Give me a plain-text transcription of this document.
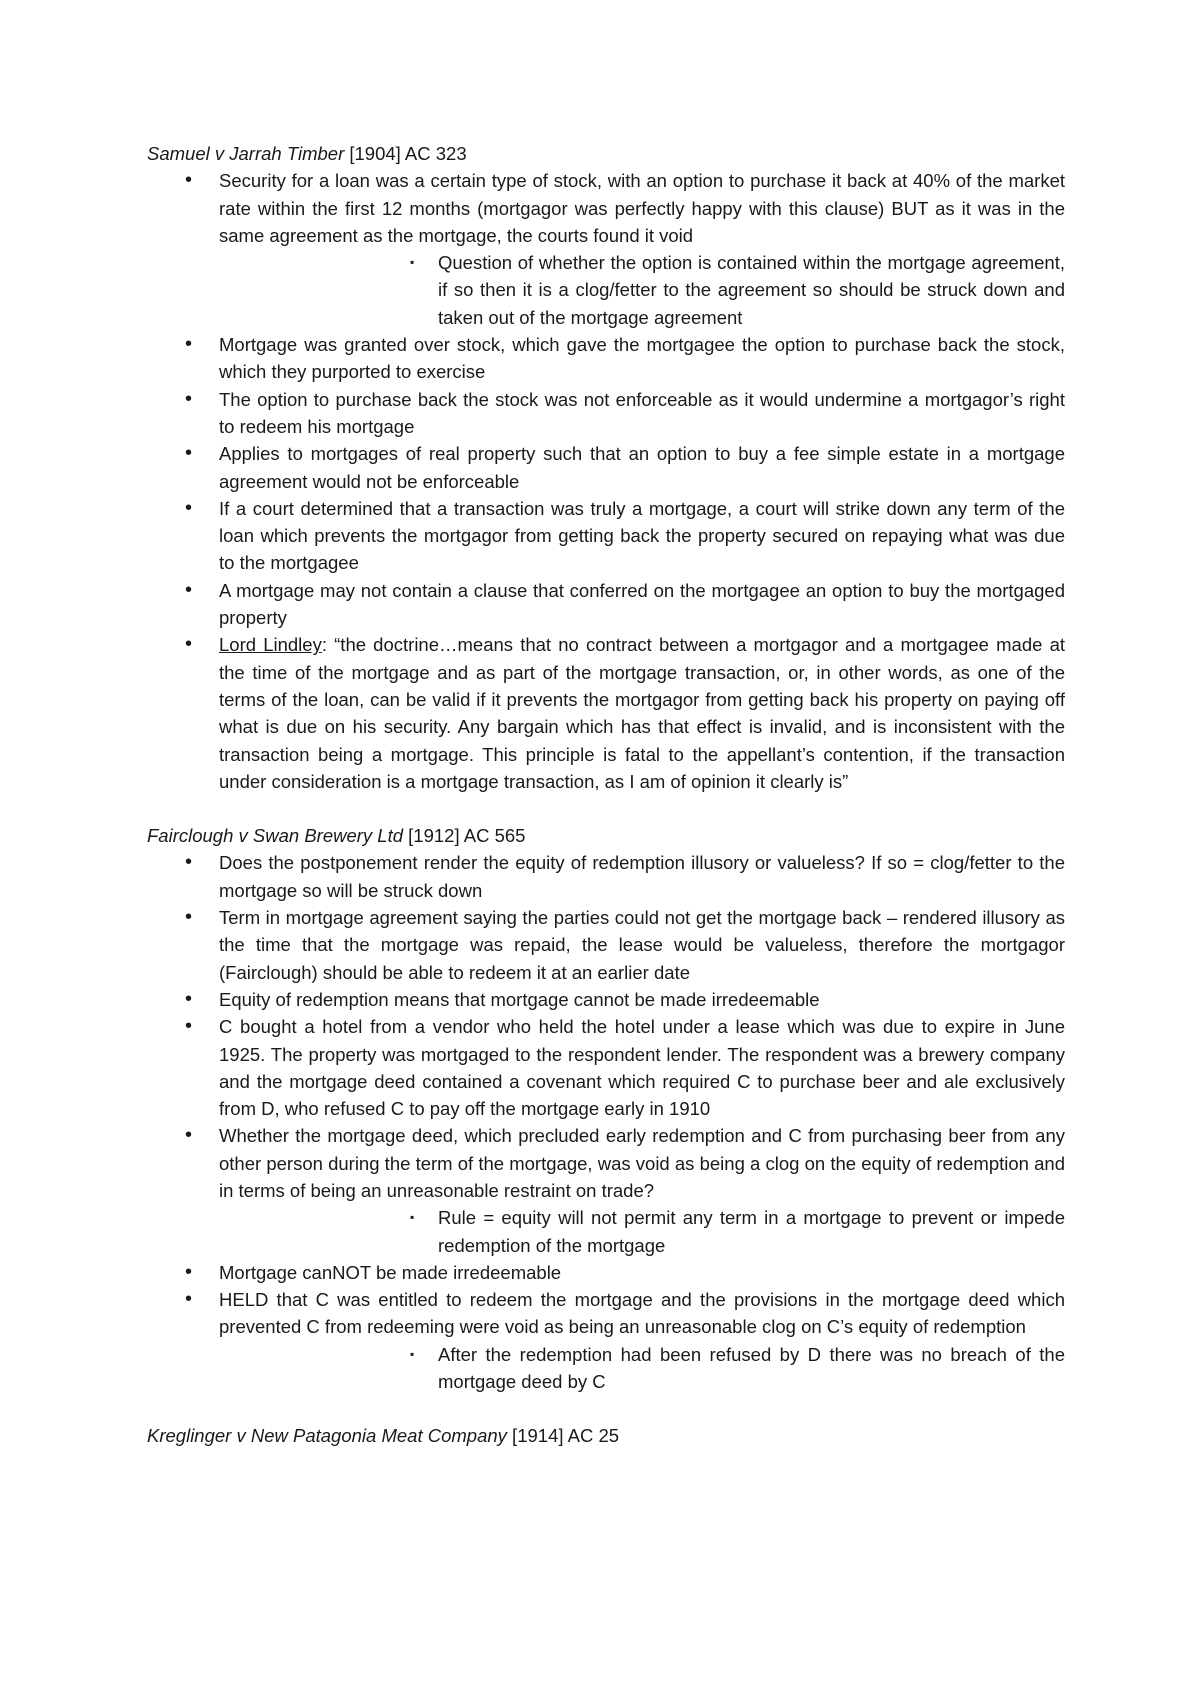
Samuel v Jarrah Timber [1904] AC 323

• Security for a loan was a certain type of stock, with an option to purchase it back at 40% of the market rate within the first 12 months (mortgagor was perfectly happy with this clause) BUT as it was in the same agreement as the mortgage, the courts found it void
▪ Question of whether the option is contained within the mortgage agreement, if so then it is a clog/fetter to the agreement so should be struck down and taken out of the mortgage agreement
• Mortgage was granted over stock, which gave the mortgagee the option to purchase back the stock, which they purported to exercise
• The option to purchase back the stock was not enforceable as it would undermine a mortgagor’s right to redeem his mortgage
• Applies to mortgages of real property such that an option to buy a fee simple estate in a mortgage agreement would not be enforceable
• If a court determined that a transaction was truly a mortgage, a court will strike down any term of the loan which prevents the mortgagor from getting back the property secured on repaying what was due to the mortgagee
• A mortgage may not contain a clause that conferred on the mortgagee an option to buy the mortgaged property
• Lord Lindley: “the doctrine…means that no contract between a mortgagor and a mortgagee made at the time of the mortgage and as part of the mortgage transaction, or, in other words, as one of the terms of the loan, can be valid if it prevents the mortgagor from getting back his property on paying off what is due on his security. Any bargain which has that effect is invalid, and is inconsistent with the transaction being a mortgage. This principle is fatal to the appellant’s contention, if the transaction under consideration is a mortgage transaction, as I am of opinion it clearly is”

Fairclough v Swan Brewery Ltd [1912] AC 565

• Does the postponement render the equity of redemption illusory or valueless? If so = clog/fetter to the mortgage so will be struck down
• Term in mortgage agreement saying the parties could not get the mortgage back – rendered illusory as the time that the mortgage was repaid, the lease would be valueless, therefore the mortgagor (Fairclough) should be able to redeem it at an earlier date
• Equity of redemption means that mortgage cannot be made irredeemable
• C bought a hotel from a vendor who held the hotel under a lease which was due to expire in June 1925. The property was mortgaged to the respondent lender. The respondent was a brewery company and the mortgage deed contained a covenant which required C to purchase beer and ale exclusively from D, who refused C to pay off the mortgage early in 1910
• Whether the mortgage deed, which precluded early redemption and C from purchasing beer from any other person during the term of the mortgage, was void as being a clog on the equity of redemption and in terms of being an unreasonable restraint on trade?
▪ Rule = equity will not permit any term in a mortgage to prevent or impede redemption of the mortgage
• Mortgage canNOT be made irredeemable
• HELD that C was entitled to redeem the mortgage and the provisions in the mortgage deed which prevented C from redeeming were void as being an unreasonable clog on C’s equity of redemption
▪ After the redemption had been refused by D there was no breach of the mortgage deed by C

Kreglinger v New Patagonia Meat Company [1914] AC 25
